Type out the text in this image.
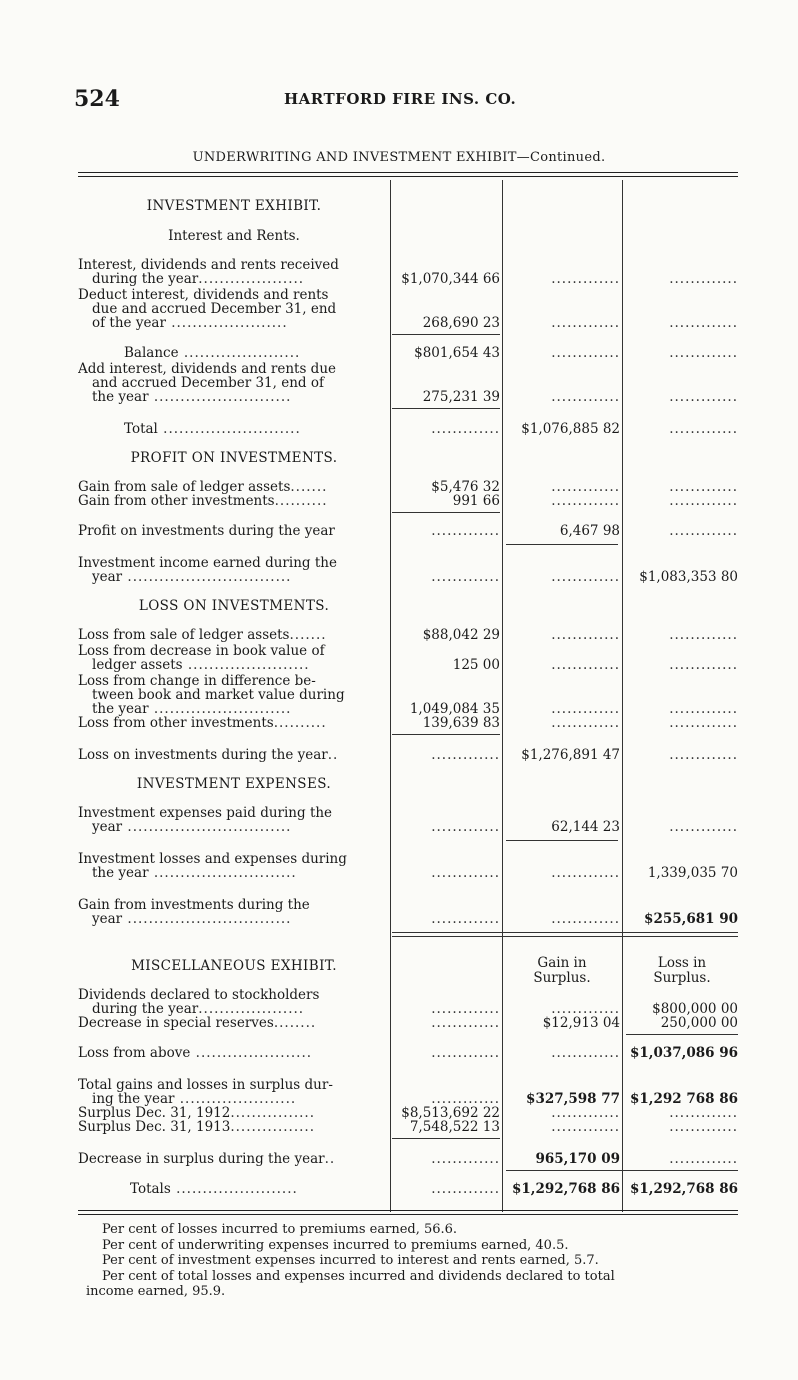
524	HARTFORD FIRE INS. CO.
UNDERWRITING AND INVESTMENT EXHIBIT—Continued.
INVESTMENT EXHIBIT.
Interest and Rents.
Interest, dividends and rents received
during the year....................	$1,070,344 66	.............	.............
Deduct interest, dividends and rents
due and accrued December 31, end
of the year ......................	268,690 23	.............	.............
Balance ......................	$801,654 43	.............	.............
Add interest, dividends and rents due
and accrued December 31, end of
the year ..........................	275,231 39	.............	.............
Total ..........................	.............	$1,076,885 82	.............
PROFIT ON INVESTMENTS.
Gain from sale of ledger assets.......	$5,476 32	.............	.............
Gain from other investments..........	991 66	.............	.............
Profit on investments during the year	.............	6,467 98	.............
Investment income earned during the
year ...............................	.............	.............	$1,083,353 80
LOSS ON INVESTMENTS.
Loss from sale of ledger assets.......	$88,042 29	.............	.............
Loss from decrease in book value of
ledger assets .......................	125 00	.............	.............
Loss from change in difference be-
tween book and market value during
the year ..........................	1,049,084 35	.............	.............
Loss from other investments..........	139,639 83	.............	.............
Loss on investments during the year..	.............	$1,276,891 47	.............
INVESTMENT EXPENSES.
Investment expenses paid during the
year ...............................	.............	62,144 23	.............
Investment losses and expenses during
the year ...........................	.............	.............	1,339,035 70
Gain from investments during the
year ...............................	.............	.............	$255,681 90
MISCELLANEOUS EXHIBIT.	Gain in
Surplus.
Loss in
Surplus.
Dividends declared to stockholders
during the year....................	.............	.............	$800,000 00
Decrease in special reserves........	.............	$12,913 04	250,000 00
Loss from above ......................	.............	............. $1,037,086 96
Total gains and losses in surplus dur-
ing the year ......................	.............	$327,598 77 $1,292 768 86
Surplus Dec. 31, 1912................	$8,513,692 22	.............	.............
Surplus Dec. 31, 1913................	7,548,522 13	.............	.............
Decrease in surplus during the year..	.............	965,170 09	.............
Totals .......................	............. $1,292,768 86 $1,292,768 86
Per cent of losses incurred to premiums earned, 56.6.
Per cent of underwriting expenses incurred to premiums earned, 40.5.
Per cent of investment expenses incurred to interest and rents earned, 5.7.
Per cent of total losses and expenses incurred and dividends declared to total
income earned, 95.9.
